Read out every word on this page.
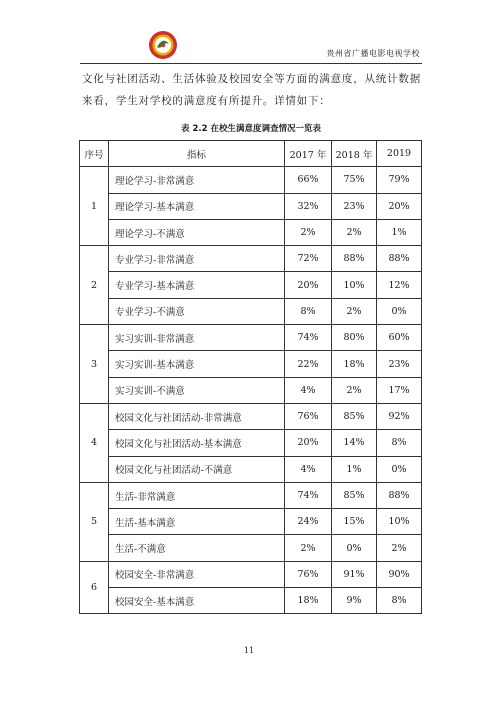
贵州省广播电影电视学校
文化与社团活动、生活体验及校园安全等方面的满意度，从统计数据
来看，学生对学校的满意度有所提升。详情如下：
表 2.2 在校生满意度调查情况一览表
序号	指标	2017 年	2018 年	2019
1	理论学习-非常满意	66%	75%	79%
	理论学习-基本满意	32%	23%	20%
	理论学习-不满意	2%	2%	1%
2	专业学习-非常满意	72%	88%	88%
	专业学习-基本满意	20%	10%	12%
	专业学习-不满意	8%	2%	0%
3	实习实训-非常满意	74%	80%	60%
	实习实训-基本满意	22%	18%	23%
	实习实训-不满意	4%	2%	17%
4	校园文化与社团活动-非常满意	76%	85%	92%
	校园文化与社团活动-基本满意	20%	14%	8%
	校园文化与社团活动-不满意	4%	1%	0%
5	生活-非常满意	74%	85%	88%
	生活-基本满意	24%	15%	10%
	生活-不满意	2%	0%	2%
6	校园安全-非常满意	76%	91%	90%
	校园安全-基本满意	18%	9%	8%
11
